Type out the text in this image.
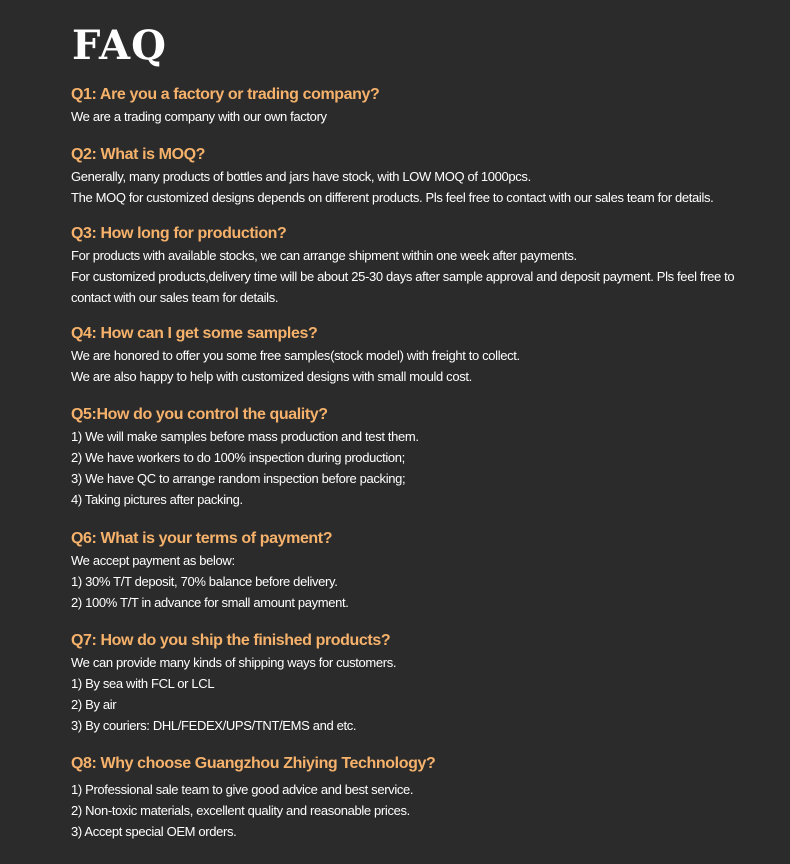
FAQ
Q1: Are you a factory or trading company?

We are a trading company with our own factory

Q2: What is MOQ?

Generally, many products of bottles and jars have stock, with LOW MOQ of 1000pcs.

The MOQ for customized designs depends on different products. Pls feel free to contact with our sales team for details.

Q3: How long for production?

For products with available stocks, we can arrange shipment within one week after payments.

For customized products,delivery time will be about 25-30 days after sample approval and deposit payment. Pls feel free to contact with our sales team for details.

Q4: How can I get some samples?

We are honored to offer you some free samples(stock model) with freight to collect.

We are also happy to help with customized designs with small mould cost.

Q5:How do you control the quality?

1) We will make samples before mass production and test them.

2) We have workers to do 100% inspection during production;

3) We have QC to arrange random inspection before packing;

4) Taking pictures after packing.

Q6: What is your terms of payment?

We accept payment as below:

1) 30% T/T deposit, 70% balance before delivery.

2) 100% T/T in advance for small amount payment.

Q7: How do you ship the finished products?

We can provide many kinds of shipping ways for customers.

1) By sea with FCL or LCL

2) By air

3) By couriers: DHL/FEDEX/UPS/TNT/EMS and etc.

Q8: Why choose Guangzhou Zhiying Technology?

1) Professional sale team to give good advice and best service.

2) Non-toxic materials, excellent quality and reasonable prices.

3) Accept special OEM orders.
